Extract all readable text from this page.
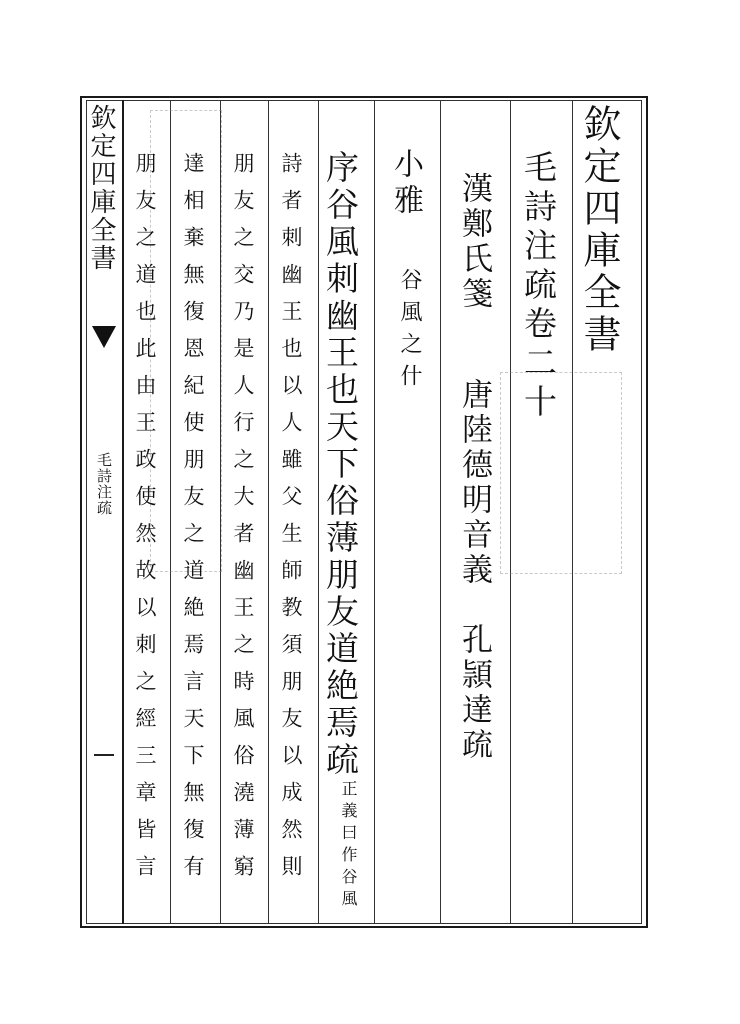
欽定四庫全書
毛詩注疏卷二十
漢鄭氏箋
唐陸德明音義　孔頴達疏
小雅
谷風之什
序谷風刺幽王也天下俗薄朋友道絶焉疏
正義曰作谷風
詩者刺幽王也以人雖父生師教須朋友以成然則
朋友之交乃是人行之大者幽王之時風俗澆薄窮
達相棄無復恩紀使朋友之道絶焉言天下無復有
朋友之道也此由王政使然故以刺之經三章皆言
欽定四庫全書
毛詩注疏
